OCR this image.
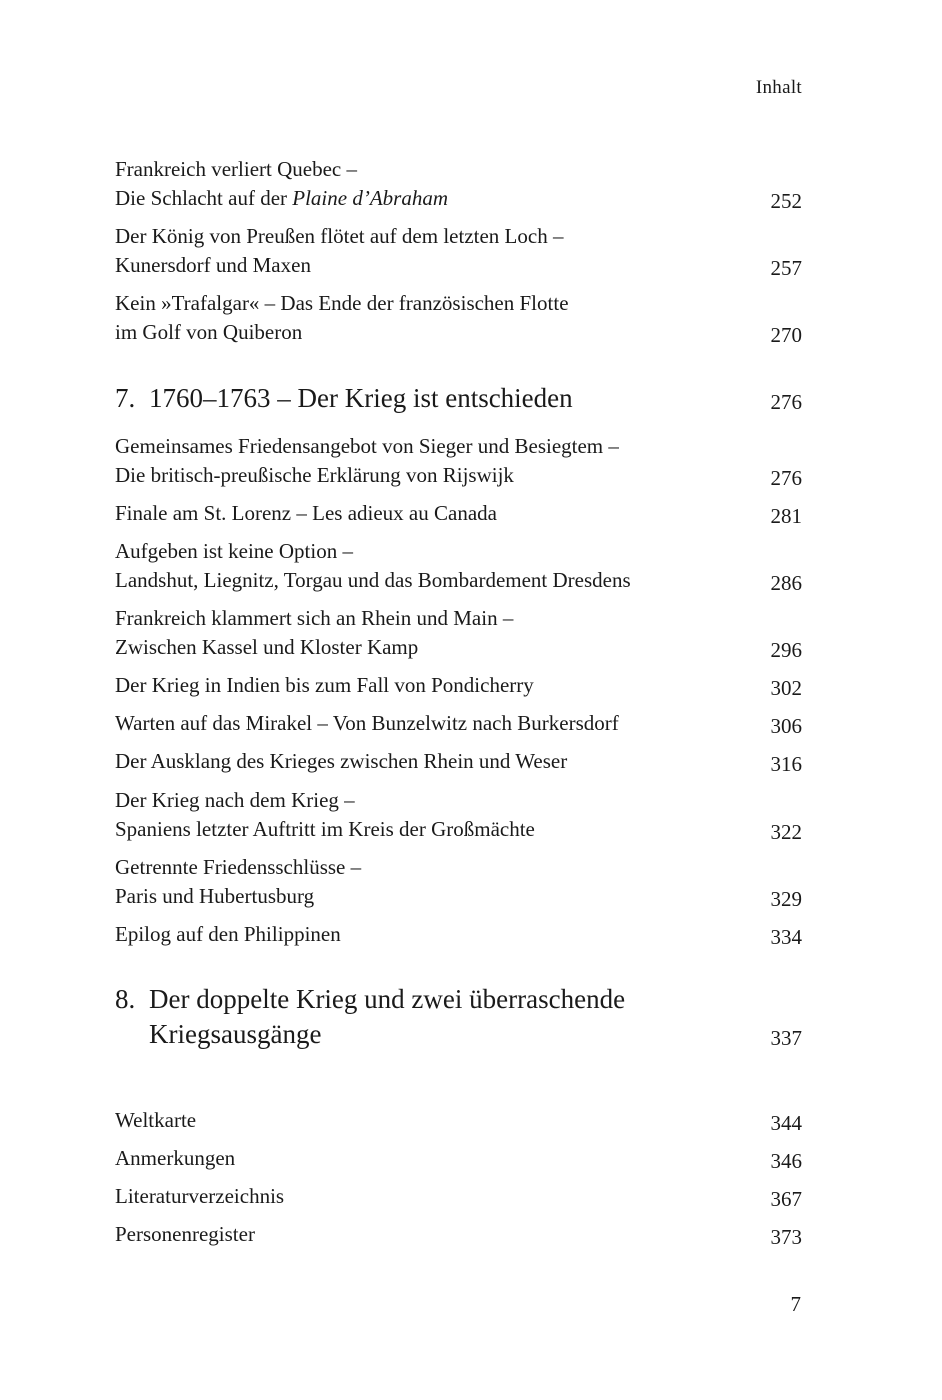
Inhalt
Frankreich verliert Quebec –
Die Schlacht auf der Plaine d’Abraham	252
Der König von Preußen flötet auf dem letzten Loch –
Kunersdorf und Maxen	257
Kein »Trafalgar« – Das Ende der französischen Flotte
im Golf von Quiberon	270
7. 1760–1763 – Der Krieg ist entschieden	276
Gemeinsames Friedensangebot von Sieger und Besiegtem –
Die britisch-preußische Erklärung von Rijswijk	276
Finale am St. Lorenz – Les adieux au Canada	281
Aufgeben ist keine Option –
Landshut, Liegnitz, Torgau und das Bombardement Dresdens	286
Frankreich klammert sich an Rhein und Main –
Zwischen Kassel und Kloster Kamp	296
Der Krieg in Indien bis zum Fall von Pondicherry	302
Warten auf das Mirakel – Von Bunzelwitz nach Burkersdorf	306
Der Ausklang des Krieges zwischen Rhein und Weser	316
Der Krieg nach dem Krieg –
Spaniens letzter Auftritt im Kreis der Großmächte	322
Getrennte Friedensschlüsse –
Paris und Hubertusburg	329
Epilog auf den Philippinen	334
8. Der doppelte Krieg und zwei überraschende
Kriegsausgänge	337
Weltkarte	344
Anmerkungen	346
Literaturverzeichnis	367
Personenregister	373
7
